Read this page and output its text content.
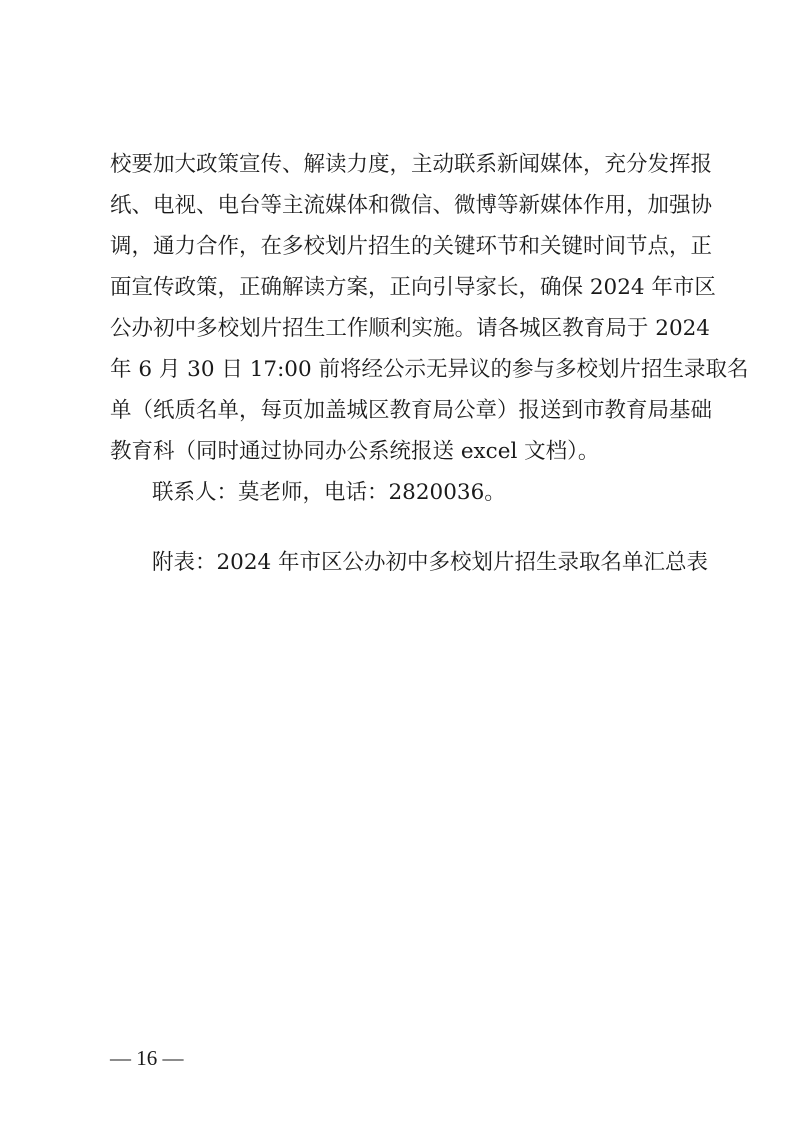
校要加大政策宣传、解读力度，主动联系新闻媒体，充分发挥报
纸、电视、电台等主流媒体和微信、微博等新媒体作用，加强协
调，通力合作，在多校划片招生的关键环节和关键时间节点，正
面宣传政策，正确解读方案，正向引导家长，确保 2024 年市区
公办初中多校划片招生工作顺利实施。请各城区教育局于 2024
年 6 月 30 日 17:00 前将经公示无异议的参与多校划片招生录取名
单（纸质名单，每页加盖城区教育局公章）报送到市教育局基础
教育科（同时通过协同办公系统报送 excel 文档）。
联系人：莫老师，电话：2820036。
附表：2024 年市区公办初中多校划片招生录取名单汇总表
— 16 —
